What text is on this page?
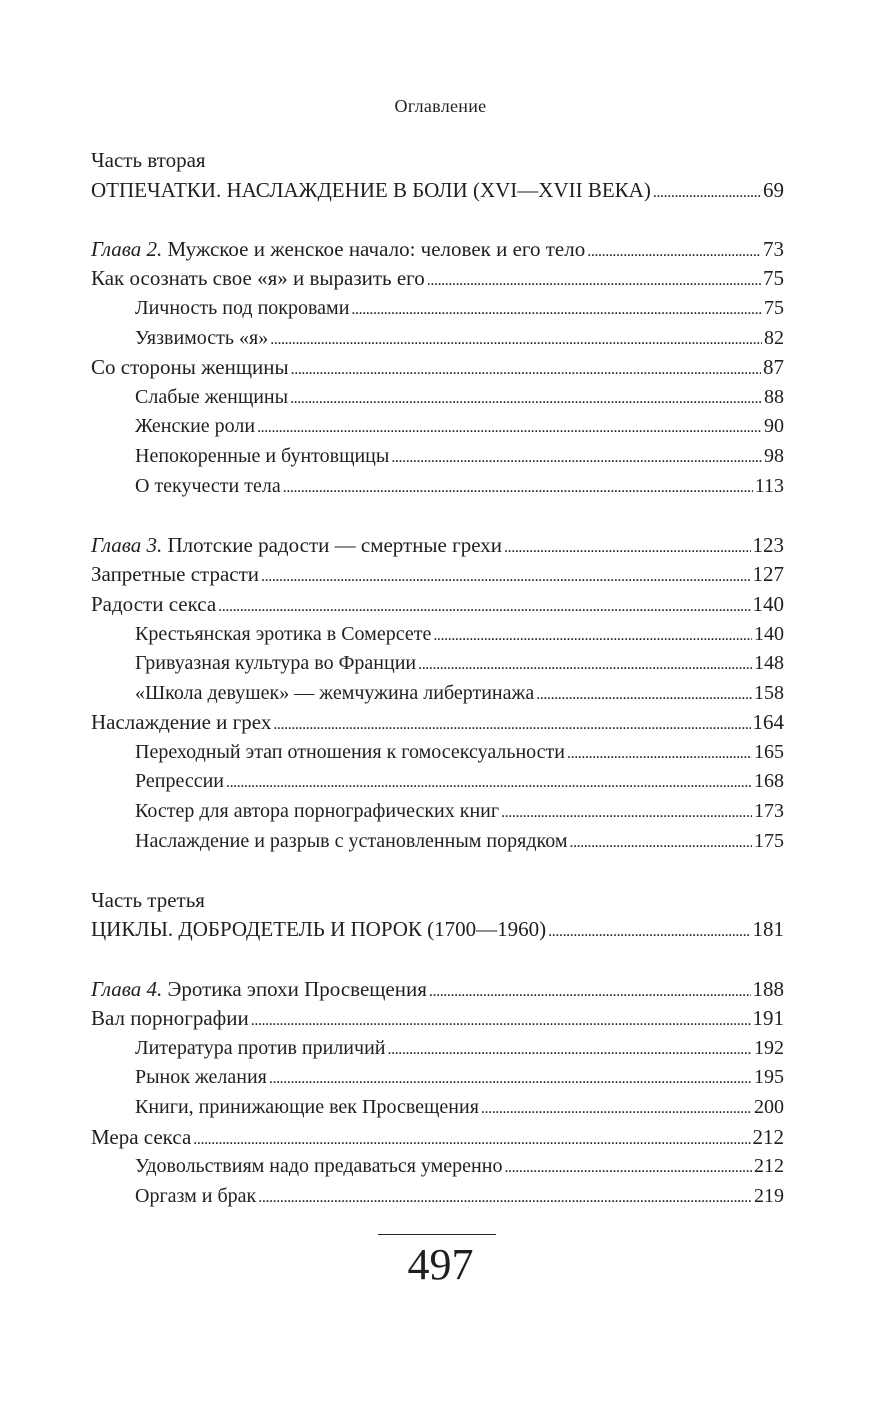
Оглавление
Часть вторая
ОТПЕЧАТКИ. НАСЛАЖДЕНИЕ В БОЛИ (XVI—XVII ВЕКА) . . .	69
Глава 2. Мужское и женское начало: человек и его тело . . .	73
Как осознать свое «я» и выразить его . . .	75
Личность под покровами . . .	75
Уязвимость «я» . . .	82
Со стороны женщины . . .	87
Слабые женщины . . .	88
Женские роли . . .	90
Непокоренные и бунтовщицы . . .	98
О текучести тела . . .	113
Глава 3. Плотские радости — смертные грехи . . .	123
Запретные страсти . . .	127
Радости секса . . .	140
Крестьянская эротика в Сомерсете . . .	140
Гривуазная культура во Франции . . .	148
«Школа девушек» — жемчужина либертинажа . . .	158
Наслаждение и грех . . .	164
Переходный этап отношения к гомосексуальности . . .	165
Репрессии . . .	168
Костер для автора порнографических книг . . .	173
Наслаждение и разрыв с установленным порядком . . .	175
Часть третья
ЦИКЛЫ. ДОБРОДЕТЕЛЬ И ПОРОК (1700—1960) . . .	181
Глава 4. Эротика эпохи Просвещения . . .	188
Вал порнографии . . .	191
Литература против приличий . . .	192
Рынок желания . . .	195
Книги, принижающие век Просвещения . . .	200
Мера секса . . .	212
Удовольствиям надо предаваться умеренно . . .	212
Оргазм и брак . . .	219
497
